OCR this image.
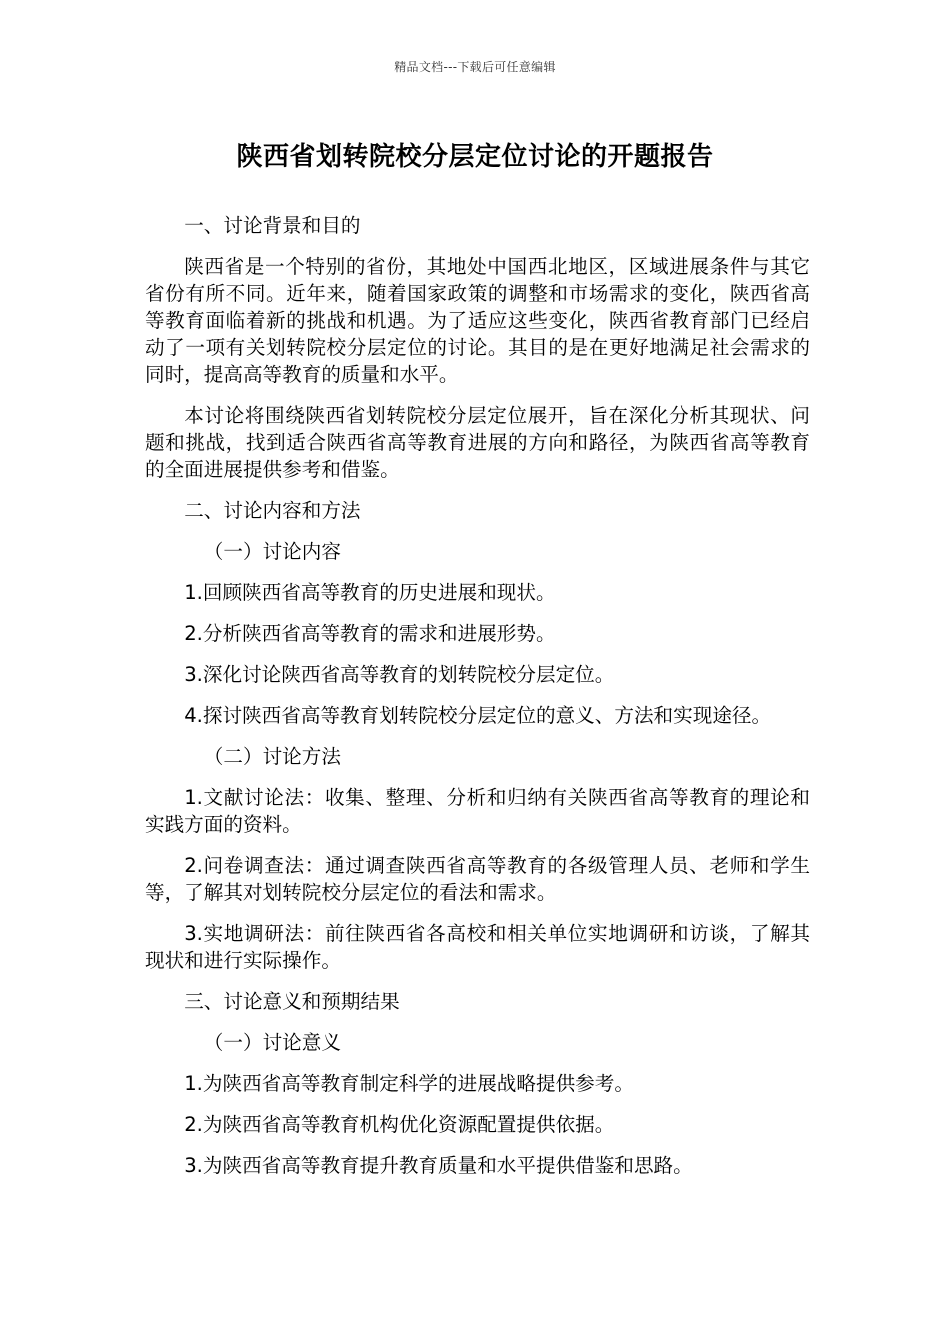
精品文档---下载后可任意编辑
陕西省划转院校分层定位讨论的开题报告

一、讨论背景和目的

陕西省是一个特别的省份，其地处中国西北地区，区域进展条件与其它省份有所不同。近年来，随着国家政策的调整和市场需求的变化，陕西省高等教育面临着新的挑战和机遇。为了适应这些变化，陕西省教育部门已经启动了一项有关划转院校分层定位的讨论。其目的是在更好地满足社会需求的同时，提高高等教育的质量和水平。

本讨论将围绕陕西省划转院校分层定位展开，旨在深化分析其现状、问题和挑战，找到适合陕西省高等教育进展的方向和路径，为陕西省高等教育的全面进展提供参考和借鉴。

二、讨论内容和方法

（一）讨论内容

1.回顾陕西省高等教育的历史进展和现状。

2.分析陕西省高等教育的需求和进展形势。

3.深化讨论陕西省高等教育的划转院校分层定位。

4.探讨陕西省高等教育划转院校分层定位的意义、方法和实现途径。

（二）讨论方法

1.文献讨论法：收集、整理、分析和归纳有关陕西省高等教育的理论和实践方面的资料。

2.问卷调查法：通过调查陕西省高等教育的各级管理人员、老师和学生等，了解其对划转院校分层定位的看法和需求。

3.实地调研法：前往陕西省各高校和相关单位实地调研和访谈，了解其现状和进行实际操作。

三、讨论意义和预期结果

（一）讨论意义

1.为陕西省高等教育制定科学的进展战略提供参考。

2.为陕西省高等教育机构优化资源配置提供依据。

3.为陕西省高等教育提升教育质量和水平提供借鉴和思路。
